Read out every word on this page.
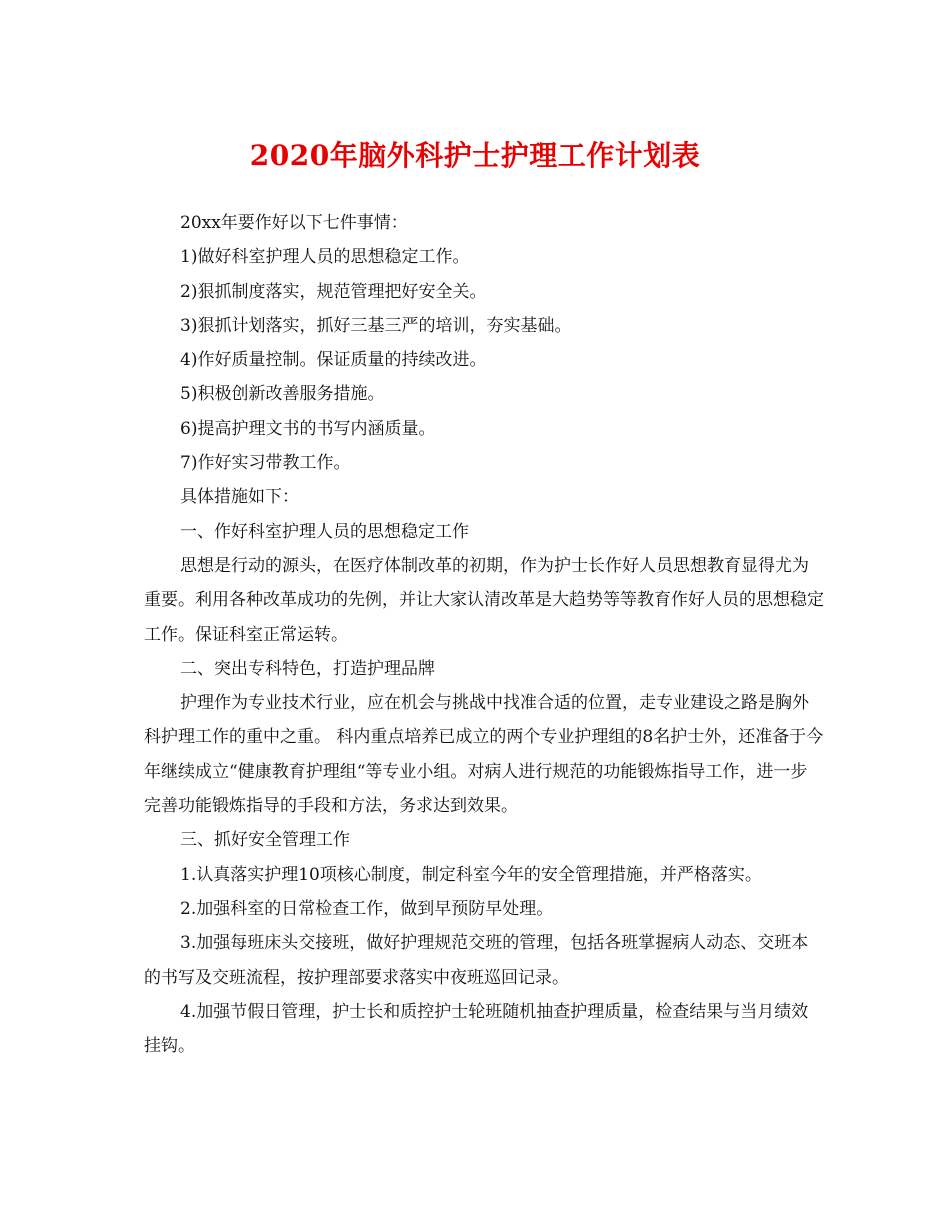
2020年脑外科护士护理工作计划表

20xx年要作好以下七件事情：

1)做好科室护理人员的思想稳定工作。

2)狠抓制度落实，规范管理把好安全关。

3)狠抓计划落实，抓好三基三严的培训，夯实基础。

4)作好质量控制。保证质量的持续改进。

5)积极创新改善服务措施。

6)提高护理文书的书写内涵质量。

7)作好实习带教工作。

具体措施如下：

一、作好科室护理人员的思想稳定工作

思想是行动的源头，在医疗体制改革的初期，作为护士长作好人员思想教育显得尤为重要。利用各种改革成功的先例，并让大家认清改革是大趋势等等教育作好人员的思想稳定工作。保证科室正常运转。

二、突出专科特色，打造护理品牌

护理作为专业技术行业，应在机会与挑战中找准合适的位置，走专业建设之路是胸外科护理工作的重中之重。 科内重点培养已成立的两个专业护理组的8名护士外，还准备于今年继续成立“健康教育护理组“等专业小组。对病人进行规范的功能锻炼指导工作，进一步完善功能锻炼指导的手段和方法，务求达到效果。

三、抓好安全管理工作

1.认真落实护理10项核心制度，制定科室今年的安全管理措施，并严格落实。

2.加强科室的日常检查工作，做到早预防早处理。

3.加强每班床头交接班，做好护理规范交班的管理，包括各班掌握病人动态、交班本的书写及交班流程，按护理部要求落实中夜班巡回记录。

4.加强节假日管理，护士长和质控护士轮班随机抽查护理质量，检查结果与当月绩效挂钩。
